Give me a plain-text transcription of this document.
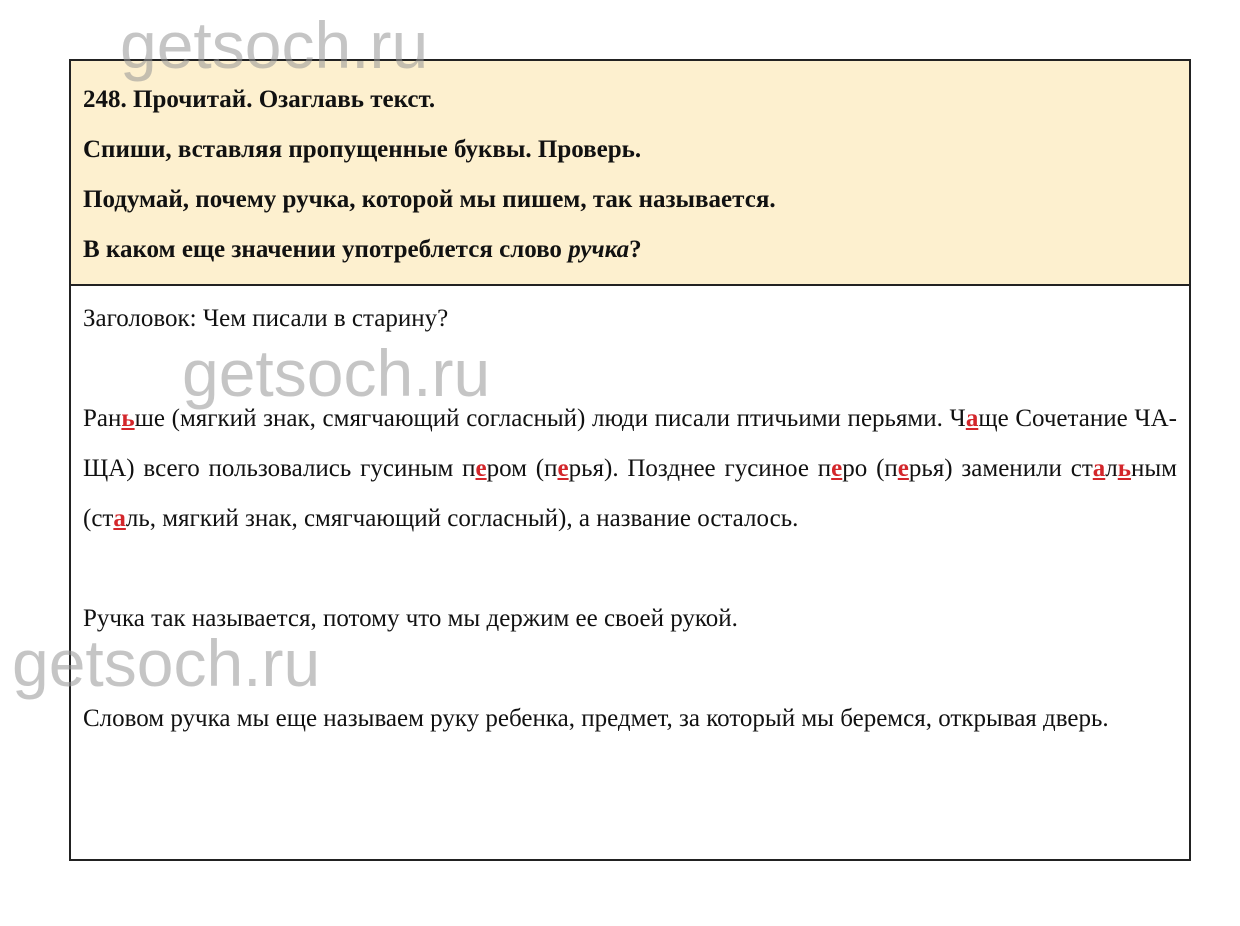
getsoch.ru
getsoch.ru
getsoch.ru

248. Прочитай. Озаглавь текст.

Спиши, вставляя пропущенные буквы. Проверь.

Подумай, почему ручка, которой мы пишем, так называется.

В каком еще значении употреблется слово ручка?

Заголовок: Чем писали в старину?

Раньше (мягкий знак, смягчающий согласный) люди писали птичьими перьями. Чаще Сочетание ЧА-ЩА) всего пользовались гусиным пером (перья). Позднее гусиное перо (перья) заменили стальным (сталь, мягкий знак, смягчающий согласный), а название осталось.

Ручка так называется, потому что мы держим ее своей рукой.

Словом ручка мы еще называем руку ребенка, предмет, за который мы беремся, открывая дверь.
